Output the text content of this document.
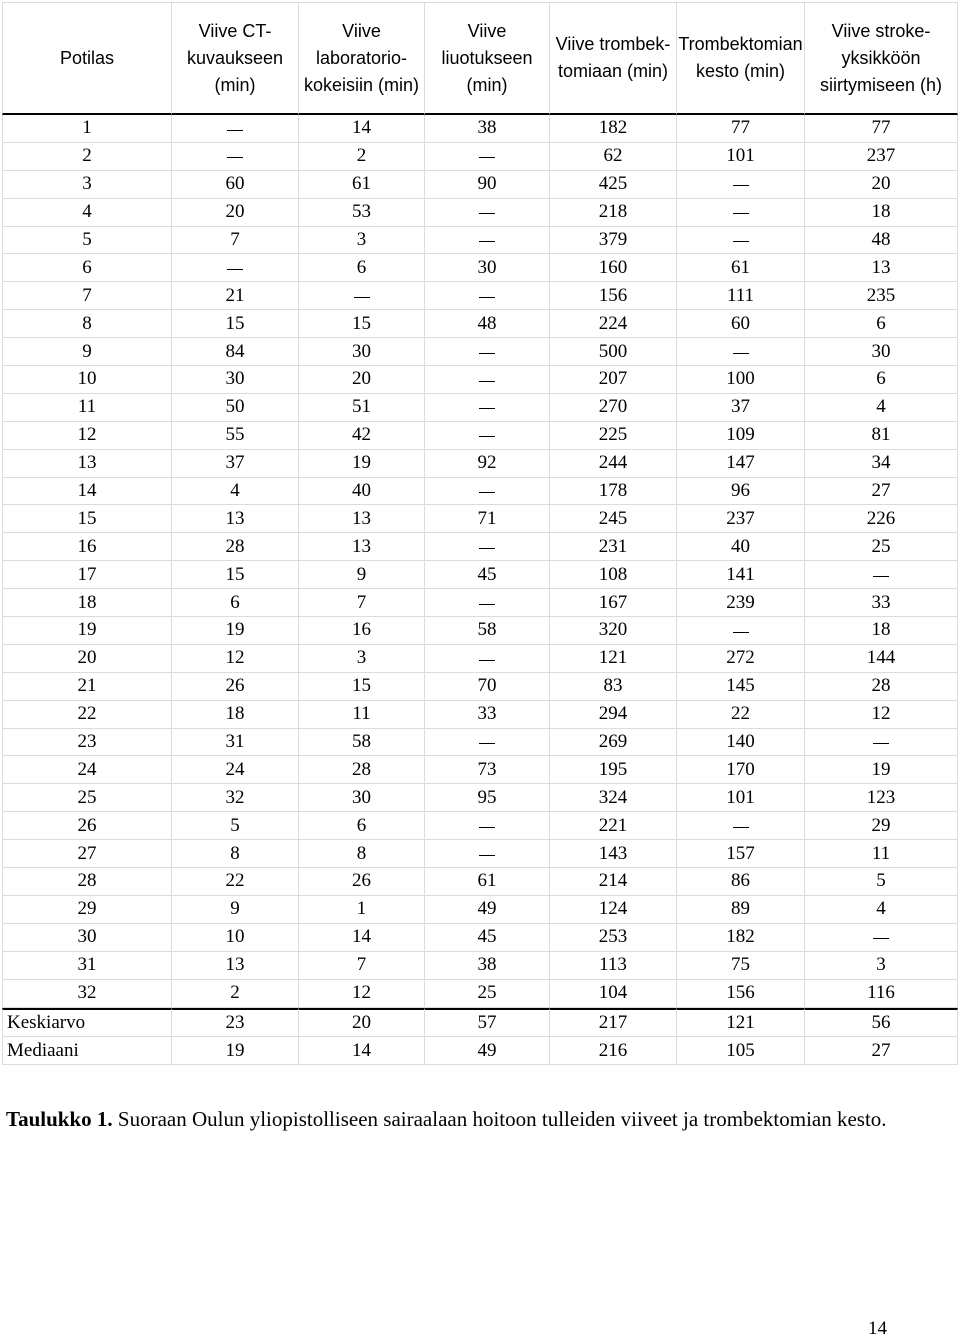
Potilas	Viive CT-kuvaukseen (min)	Viive laboratorio-kokeisiin (min)	Viive liuotukseen (min)	Viive trombek-tomiaan (min)	Trombektomian kesto (min)	Viive stroke-yksikköön siirtymiseen (h)
1		14	38	182	77	77
2		2		62	101	237
3	60	61	90	425		20
4	20	53		218		18
5	7	3		379		48
6		6	30	160	61	13
7	21			156	111	235
8	15	15	48	224	60	6
9	84	30		500		30
10	30	20		207	100	6
11	50	51		270	37	4
12	55	42		225	109	81
13	37	19	92	244	147	34
14	4	40		178	96	27
15	13	13	71	245	237	226
16	28	13		231	40	25
17	15	9	45	108	141	
18	6	7		167	239	33
19	19	16	58	320		18
20	12	3		121	272	144
21	26	15	70	83	145	28
22	18	11	33	294	22	12
23	31	58		269	140	
24	24	28	73	195	170	19
25	32	30	95	324	101	123
26	5	6		221		29
27	8	8		143	157	11
28	22	26	61	214	86	5
29	9	1	49	124	89	4
30	10	14	45	253	182	
31	13	7	38	113	75	3
32	2	12	25	104	156	116
Keskiarvo	23	20	57	217	121	56
Mediaani	19	14	49	216	105	27
Taulukko 1. Suoraan Oulun yliopistolliseen sairaalaan hoitoon tulleiden viiveet ja trombektomian kesto.
14
